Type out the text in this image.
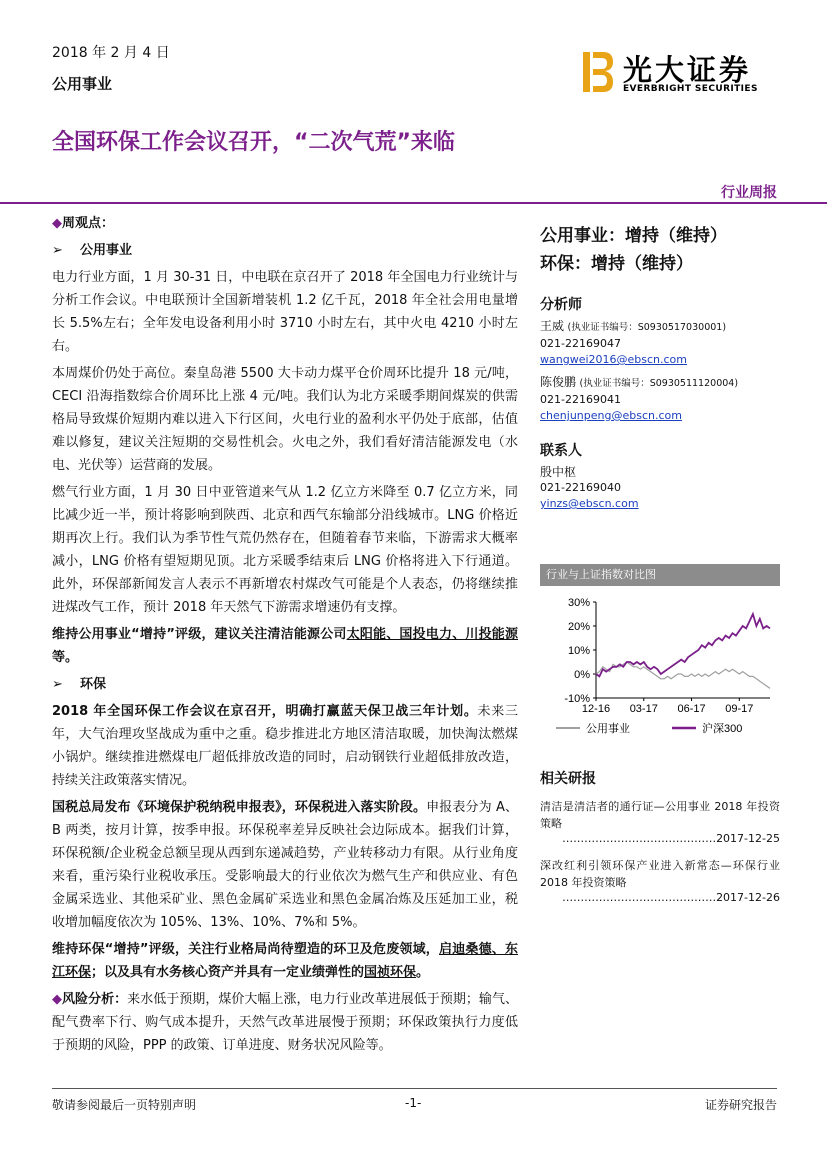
2018 年 2 月 4 日
公用事业	光大证券
EVERBRIGHT SECURITIES
全国环保工作会议召开，“二次气荒”来临
行业周报

◆周观点：

➢ 公用事业

电力行业方面，1 月 30-31 日，中电联在京召开了 2018 年全国电力行业统计与分析工作会议。中电联预计全国新增装机 1.2 亿千瓦，2018 年全社会用电量增长 5.5%左右；全年发电设备利用小时 3710 小时左右，其中火电 4210 小时左右。

本周煤价仍处于高位。秦皇岛港 5500 大卡动力煤平仓价周环比提升 18 元/吨，CECI 沿海指数综合价周环比上涨 4 元/吨。我们认为北方采暖季期间煤炭的供需格局导致煤价短期内难以进入下行区间，火电行业的盈利水平仍处于底部，估值难以修复，建议关注短期的交易性机会。火电之外，我们看好清洁能源发电（水电、光伏等）运营商的发展。

燃气行业方面，1 月 30 日中亚管道来气从 1.2 亿立方米降至 0.7 亿立方米，同比减少近一半，预计将影响到陕西、北京和西气东输部分沿线城市。LNG 价格近期再次上行。我们认为季节性气荒仍然存在，但随着春节来临，下游需求大概率减小，LNG 价格有望短期见顶。北方采暖季结束后 LNG 价格将进入下行通道。此外，环保部新闻发言人表示不再新增农村煤改气可能是个人表态，仍将继续推进煤改气工作，预计 2018 年天然气下游需求增速仍有支撑。

维持公用事业“增持”评级，建议关注清洁能源公司太阳能、国投电力、川投能源等。

➢ 环保

2018 年全国环保工作会议在京召开，明确打赢蓝天保卫战三年计划。未来三年，大气治理攻坚战成为重中之重。稳步推进北方地区清洁取暖，加快淘汰燃煤小锅炉。继续推进燃煤电厂超低排放改造的同时，启动钢铁行业超低排放改造，持续关注政策落实情况。

国税总局发布《环境保护税纳税申报表》，环保税进入落实阶段。申报表分为 A、B 两类，按月计算，按季申报。环保税率差异反映社会边际成本。据我们计算，环保税额/企业税金总额呈现从西到东递减趋势，产业转移动力有限。从行业角度来看，重污染行业税收承压。受影响最大的行业依次为燃气生产和供应业、有色金属采选业、其他采矿业、黑色金属矿采选业和黑色金属冶炼及压延加工业，税收增加幅度依次为 105%、13%、10%、7%和 5%。

维持环保“增持”评级，关注行业格局尚待塑造的环卫及危废领域，启迪桑德、东江环保；以及具有水务核心资产并具有一定业绩弹性的国祯环保。

◆风险分析：来水低于预期，煤价大幅上涨，电力行业改革进展低于预期；输气、配气费率下行、购气成本提升，天然气改革进展慢于预期；环保政策执行力度低于预期的风险，PPP 的政策、订单进度、财务状况风险等。

公用事业：增持（维持）
环保：增持（维持）
分析师
王威 (执业证书编号：S0930517030001)
021-22169047
wangwei2016@ebscn.com
陈俊鹏 (执业证书编号：S0930511120004)
021-22169041
chenjunpeng@ebscn.com
联系人
殷中枢
021-22169040
yinzs@ebscn.com
行业与上证指数对比图
30%
20%
10%
0%
-10%
12-16 03-17 06-17 09-17
公用事业	沪深300
相关研报
清洁是清洁者的通行证—公用事业 2018 年投资策略
……………………………………2017-12-25
深改红利引领环保产业进入新常态—环保行业 2018 年投资策略
……………………………………2017-12-26
敬请参阅最后一页特别声明	-1-	证券研究报告
